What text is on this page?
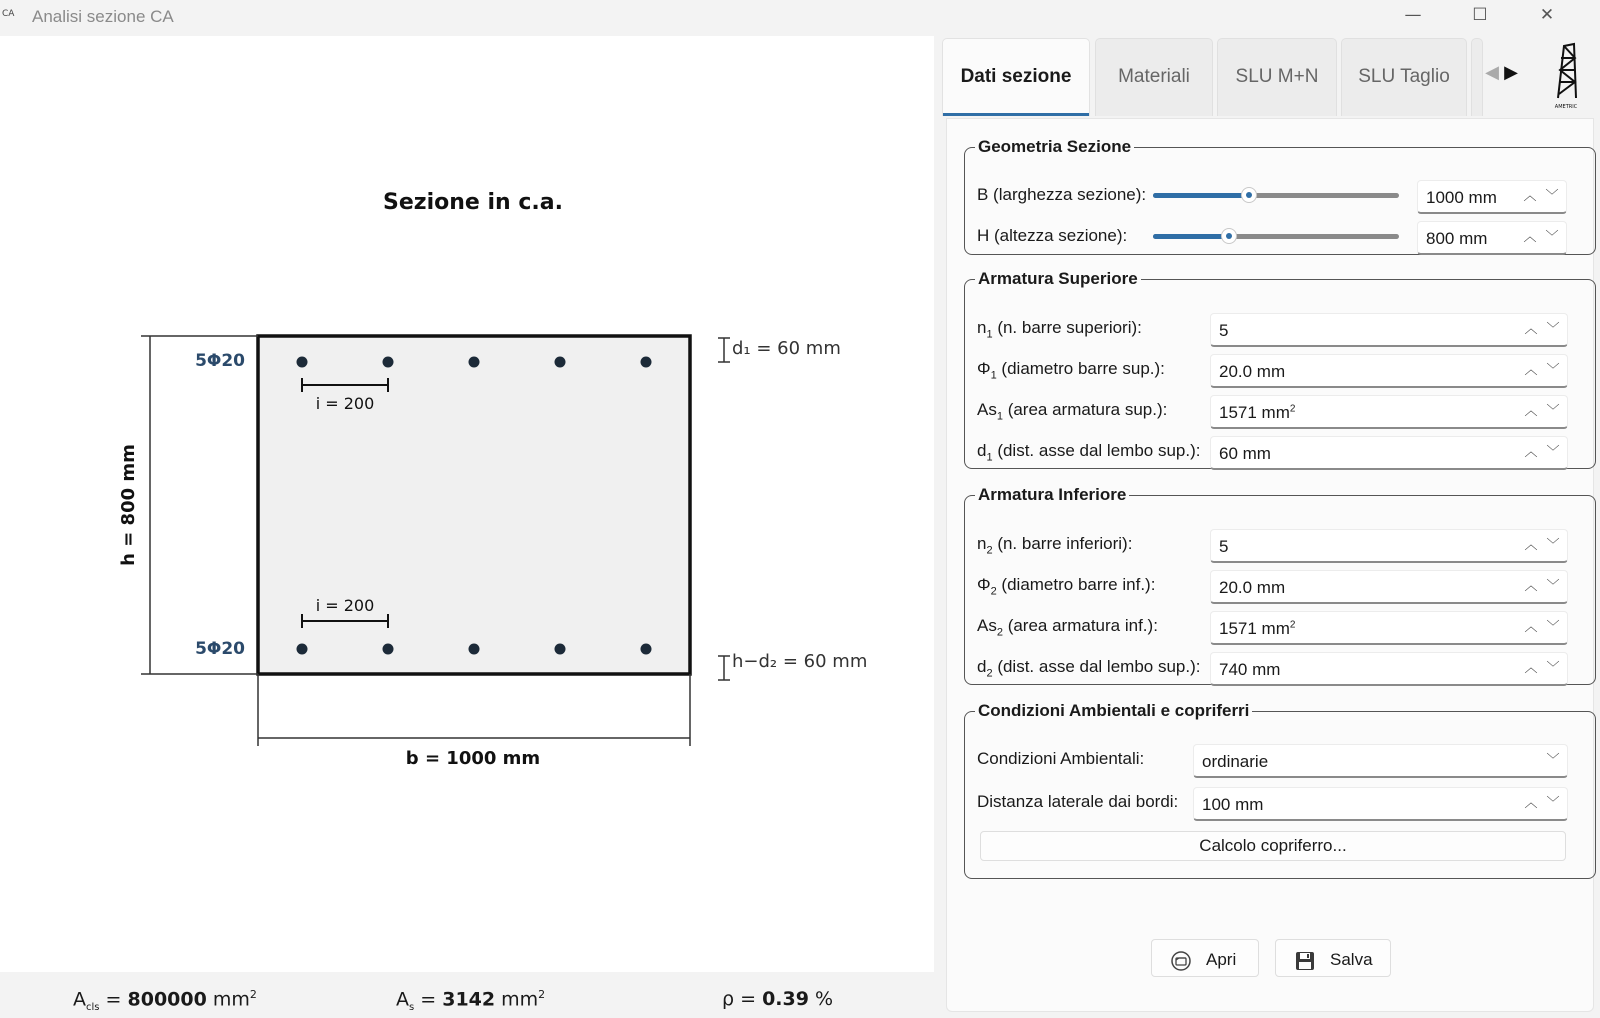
CA Analisi sezione CA	—	☐	✕
Sezione in c.a.
h = 800 mm
b = 1000 mm
5Φ20
5Φ20
i = 200
i = 200
d₁ = 60 mm
h−d₂ = 60 mm
$A_{cls} = 800000$ $mm^2$	$A_s = 3142$ $mm^2$	ρ = 0.39 %
Dati sezione	Materiali	SLU M+N	SLU Taglio	◀ ▶
Geometria Sezione
B (larghezza sezione):	1000 mm ︿ ﹀
H (altezza sezione):	800 mm	︿ ﹀
Armatura Superiore
$n_1$ (n. barre superiori):	5	︿ ﹀
$\Phi_1$ (diametro barre sup.):	20.0 mm	︿ ﹀
$As_1$ (area armatura sup.):	1571 $mm^2$	︿ ﹀
$d_1$ (dist. asse dal lembo sup.): 60 mm	︿ ﹀
Armatura Inferiore
$n_2$ (n. barre inferiori):	5	︿ ﹀
$\Phi_2$ (diametro barre inf.):	20.0 mm	︿ ﹀
$As_2$ (area armatura inf.):	1571 $mm^2$	︿ ﹀
$d_2$ (dist. asse dal lembo sup.): 740 mm	︿ ﹀
Condizioni Ambientali e copriferri
Condizioni Ambientali:	ordinarie	﹀
Distanza laterale dai bordi: 100 mm	︿ ﹀
Calcolo copriferro...
Apri	Salva
AMETRIC
